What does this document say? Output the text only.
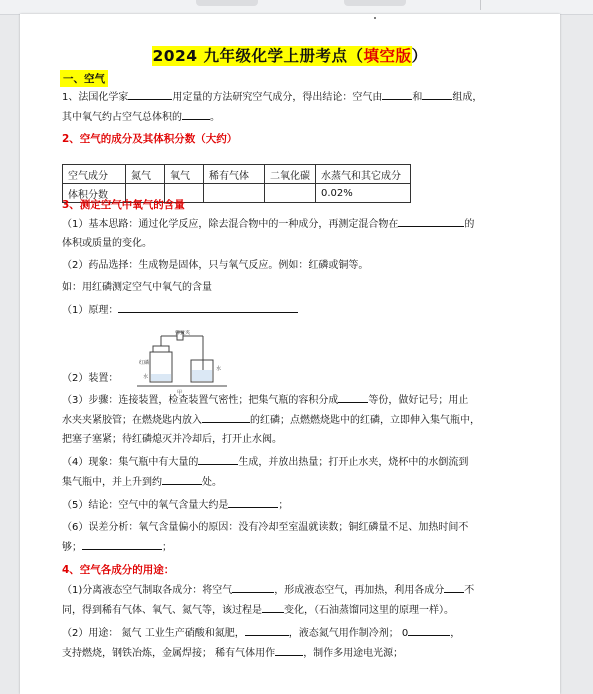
2024 九年级化学上册考点（填空版）
一、空气
1、法国化学家	用定量的方法研究空气成分，得出结论：空气由	和	组成，
其中氧气约占空气总体积的	。
2、空气的成分及其体积分数（大约）
空气成分	氮气	氧气	稀有气体	二氧化碳	水蒸气和其它成分
体积分数					0.02%
3、测定空气中氧气的含量
（1）基本思路：通过化学反应，除去混合物中的一种成分，再测定混合物在	的
体积或质量的变化。
（2）药品选择：生成物是固体，只与氧气反应。例如：红磷或铜等。
如：用红磷测定空气中氧气的含量
（1）原理：
弹簧夹
红磷
水
水
甲
（2）装置：
（3）步骤：连接装置，检查装置气密性；把集气瓶的容积分成	等份，做好记号；用止
水夹夹紧胶管；在燃烧匙内放入	的红磷；点燃燃烧匙中的红磷，立即伸入集气瓶中，
把塞子塞紧；待红磷熄灭并冷却后，打开止水阀。
（4）现象：集气瓶中有大量的	生成，并放出热量；打开止水夹，烧杯中的水倒流到
集气瓶中，并上升到约	处。
（5）结论：空气中的氧气含量大约是	；
（6）误差分析：氧气含量偏小的原因：没有冷却至室温就读数；铜红磷量不足、加热时间不
够；	；
4、空气各成分的用途：
（1)分离液态空气制取各成分：将空气	，形成液态空气，再加热，利用各成分 不
同，得到稀有气体、氧气、氮气等，该过程是 变化，（石油蒸馏同这里的原理一样）。
（2）用途： 氮气 工业生产硝酸和氮肥，	，液态氮气用作制冷剂； 0	，
支持燃烧，钢铁冶炼，金属焊接； 稀有气体用作	，制作多用途电光源；
